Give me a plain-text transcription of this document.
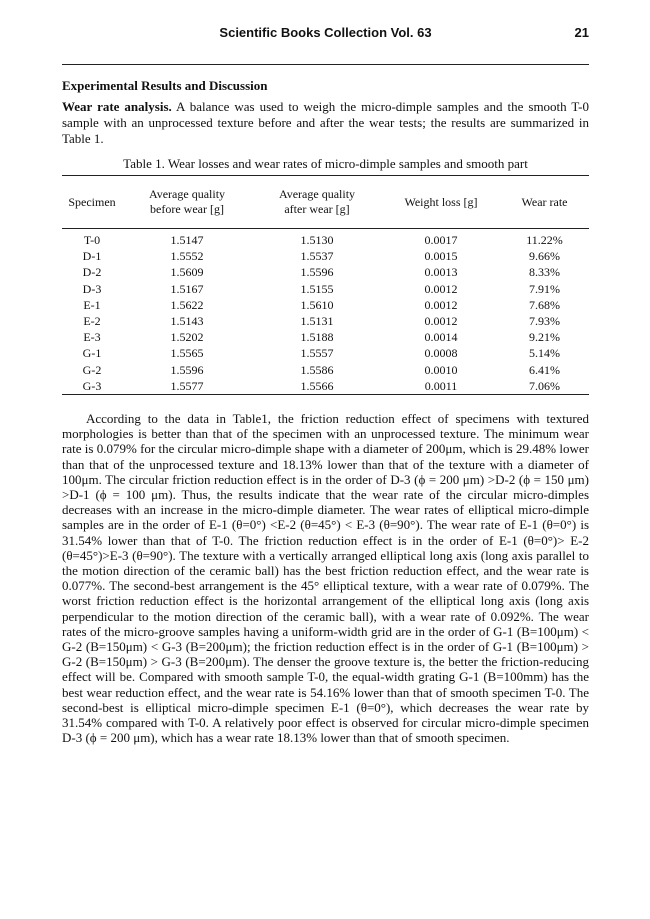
Scientific Books Collection Vol. 63	21
Experimental Results and Discussion

Wear rate analysis. A balance was used to weigh the micro-dimple samples and the smooth T-0 sample with an unprocessed texture before and after the wear tests; the results are summarized in Table 1.

Table 1. Wear losses and wear rates of micro-dimple samples and smooth part
Specimen	Average quality before wear [g]	Average quality after wear [g]	Weight loss [g]	Wear rate

T-0	1.5147	1.5130	0.0017	11.22%
D-1	1.5552	1.5537	0.0015	9.66%
D-2	1.5609	1.5596	0.0013	8.33%
D-3	1.5167	1.5155	0.0012	7.91%
E-1	1.5622	1.5610	0.0012	7.68%
E-2	1.5143	1.5131	0.0012	7.93%
E-3	1.5202	1.5188	0.0014	9.21%
G-1	1.5565	1.5557	0.0008	5.14%
G-2	1.5596	1.5586	0.0010	6.41%
G-3	1.5577	1.5566	0.0011	7.06%

According to the data in Table1, the friction reduction effect of specimens with textured morphologies is better than that of the specimen with an unprocessed texture. The minimum wear rate is 0.079% for the circular micro-dimple shape with a diameter of 200μm, which is 29.48% lower than that of the unprocessed texture and 18.13% lower than that of the texture with a diameter of 100μm. The circular friction reduction effect is in the order of D-3 (ϕ = 200 μm) >D-2 (ϕ = 150 μm) >D-1 (ϕ = 100 μm). Thus, the results indicate that the wear rate of the circular micro-dimples decreases with an increase in the micro-dimple diameter. The wear rates of elliptical micro-dimple samples are in the order of E-1 (θ=0°) <E-2 (θ=45°) < E-3 (θ=90°). The wear rate of E-1 (θ=0°) is 31.54% lower than that of T-0. The friction reduction effect is in the order of E-1 (θ=0°)> E-2 (θ=45°)>E-3 (θ=90°). The texture with a vertically arranged elliptical long axis (long axis parallel to the motion direction of the ceramic ball) has the best friction reduction effect, and the wear rate is 0.077%. The second-best arrangement is the 45° elliptical texture, with a wear rate of 0.079%. The worst friction reduction effect is the horizontal arrangement of the elliptical long axis (long axis perpendicular to the motion direction of the ceramic ball), with a wear rate of 0.092%. The wear rates of the micro-groove samples having a uniform-width grid are in the order of G-1 (B=100μm) < G-2 (B=150μm) < G-3 (B=200μm); the friction reduction effect is in the order of G-1 (B=100μm) > G-2 (B=150μm) > G-3 (B=200μm). The denser the groove texture is, the better the friction-reducing effect will be. Compared with smooth sample T-0, the equal-width grating G-1 (B=100mm) has the best wear reduction effect, and the wear rate is 54.16% lower than that of smooth specimen T-0. The second-best is elliptical micro-dimple specimen E-1 (θ=0°), which decreases the wear rate by 31.54% compared with T-0. A relatively poor effect is observed for circular micro-dimple specimen D-3 (ϕ = 200 μm), which has a wear rate 18.13% lower than that of smooth specimen.
